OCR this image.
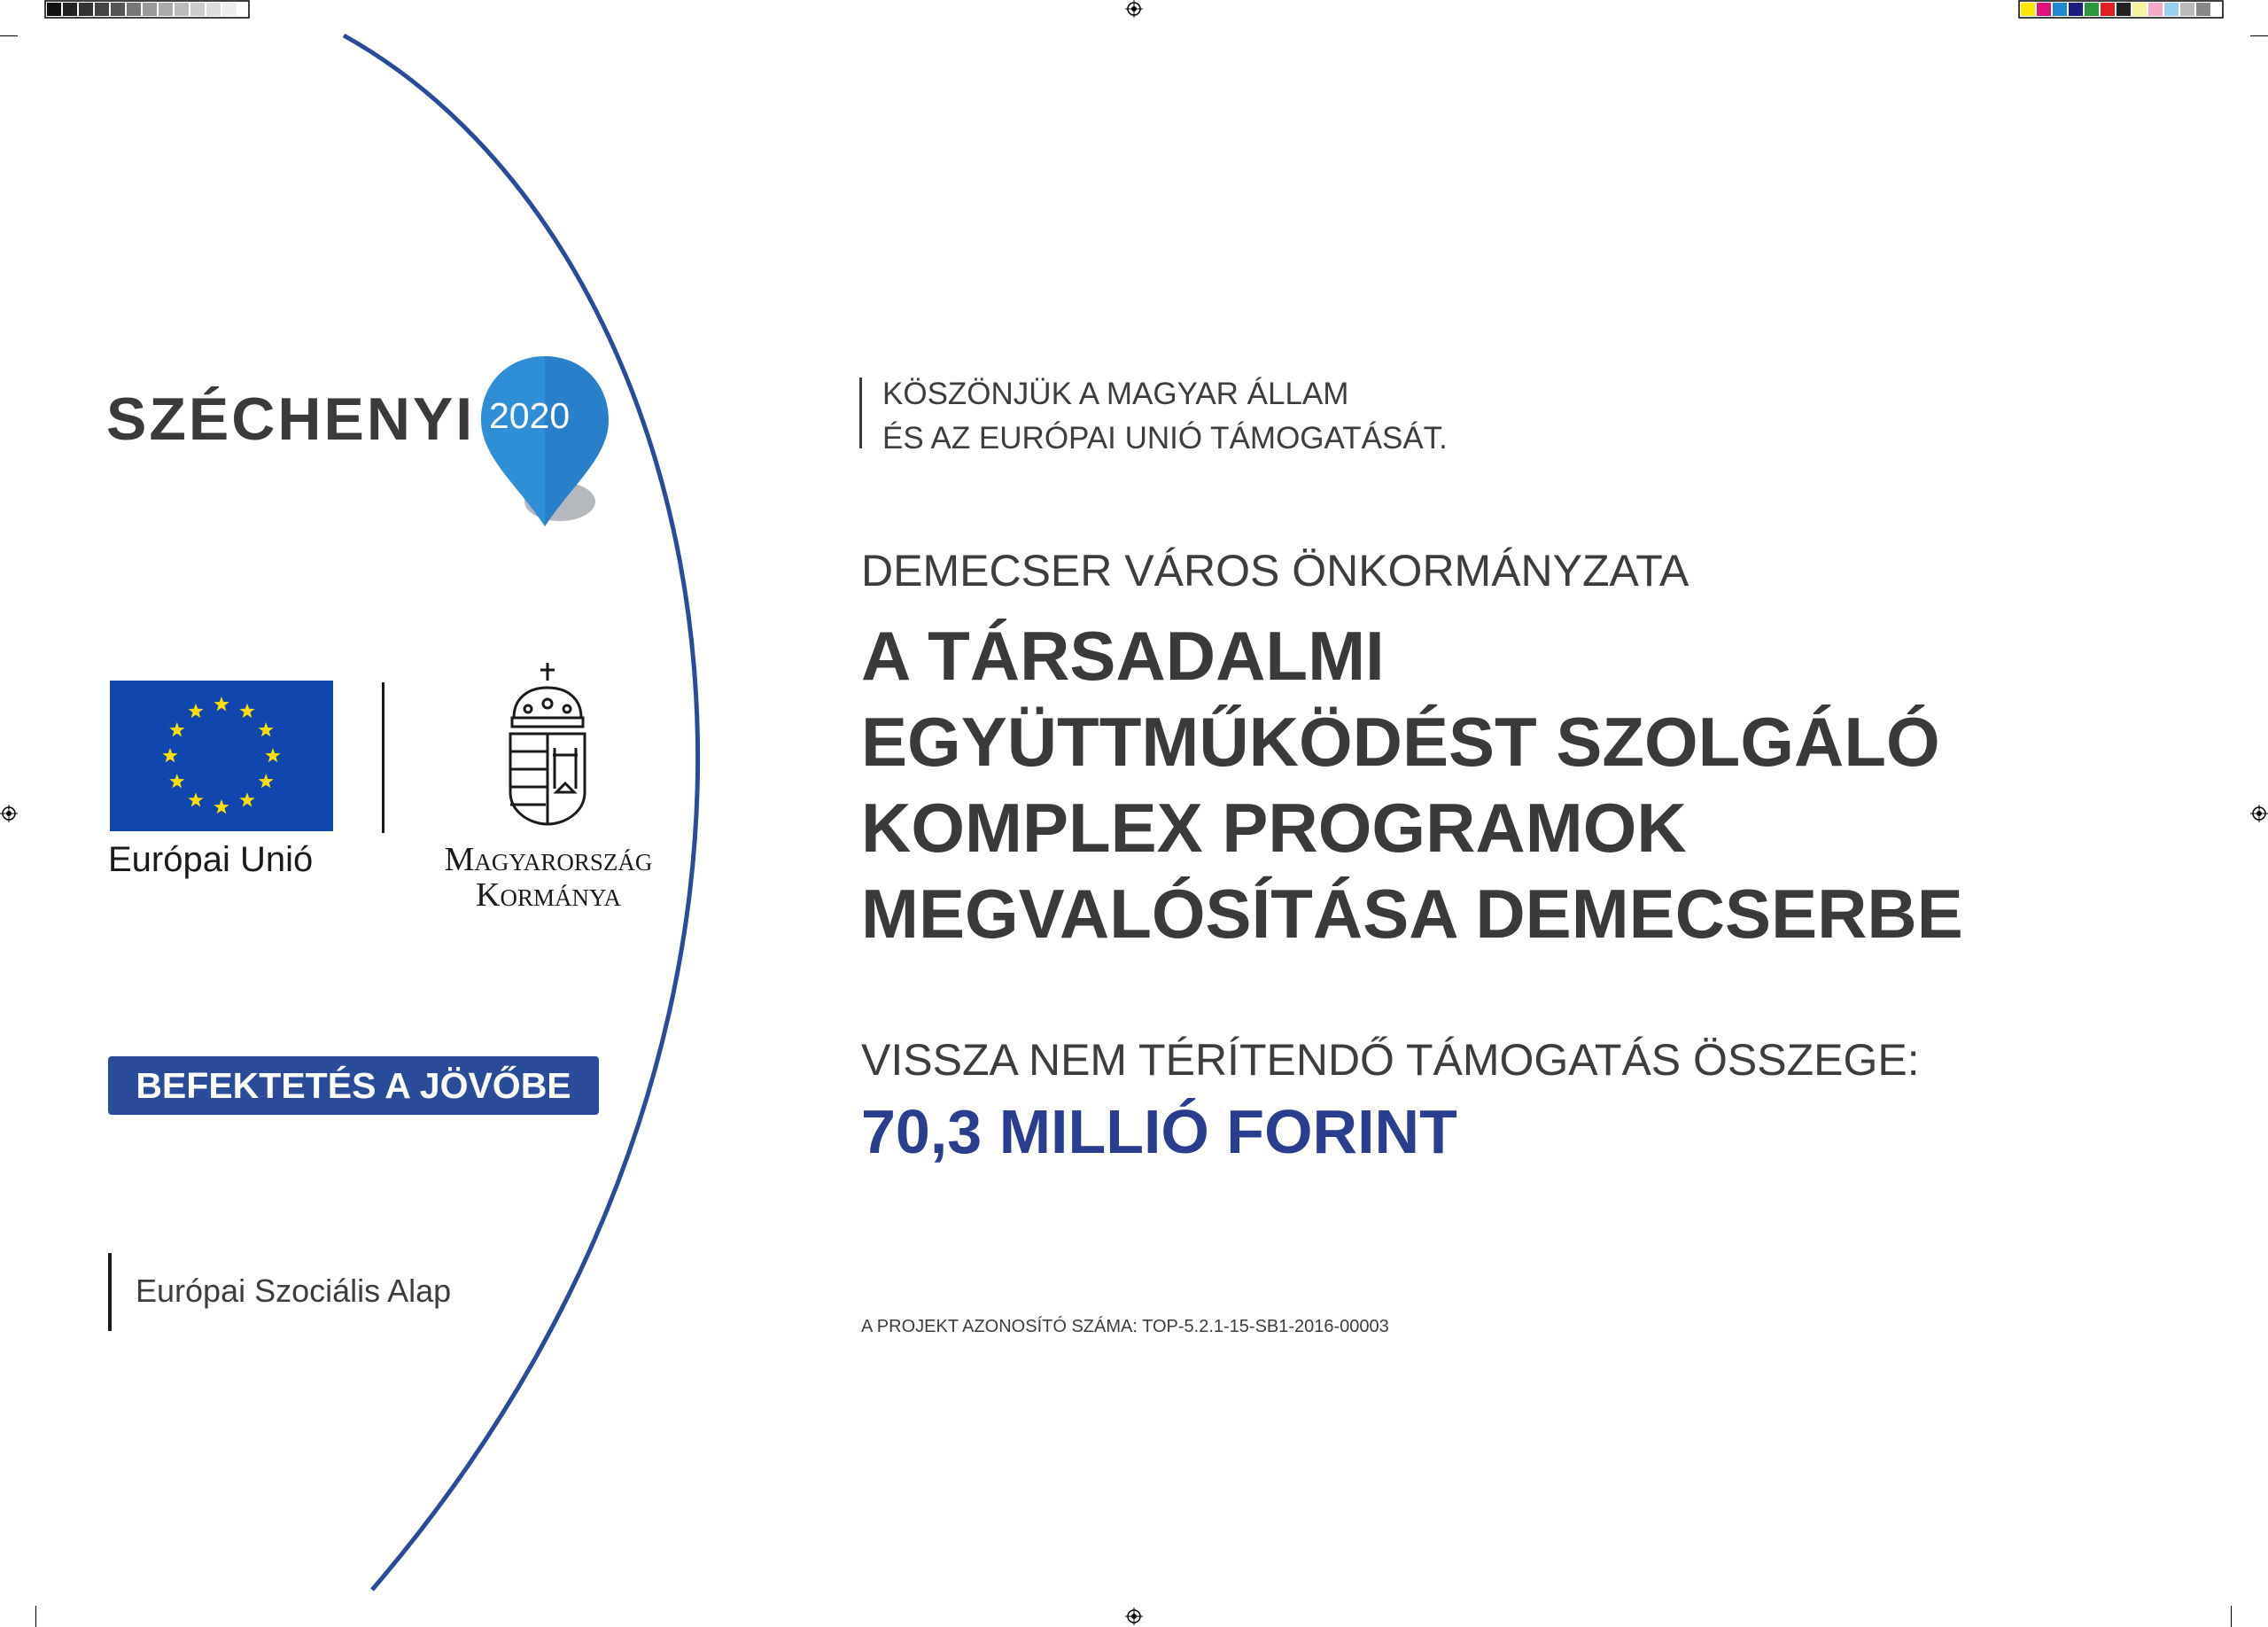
SZÉCHENYI 2020
Európai Unió	Magyarország
Kormánya
BEFEKTETÉS A JÖVŐBE
Európai Szociális Alap
KÖSZÖNJÜK A MAGYAR ÁLLAM
ÉS AZ EURÓPAI UNIÓ TÁMOGATÁSÁT.
DEMECSER VÁROS ÖNKORMÁNYZATA
A TÁRSADALMI
EGYÜTTMŰKÖDÉST SZOLGÁLÓ
KOMPLEX PROGRAMOK
MEGVALÓSÍTÁSA DEMECSERBE
VISSZA NEM TÉRÍTENDŐ TÁMOGATÁS ÖSSZEGE:
70,3 MILLIÓ FORINT
A PROJEKT AZONOSÍTÓ SZÁMA: TOP-5.2.1-15-SB1-2016-00003
